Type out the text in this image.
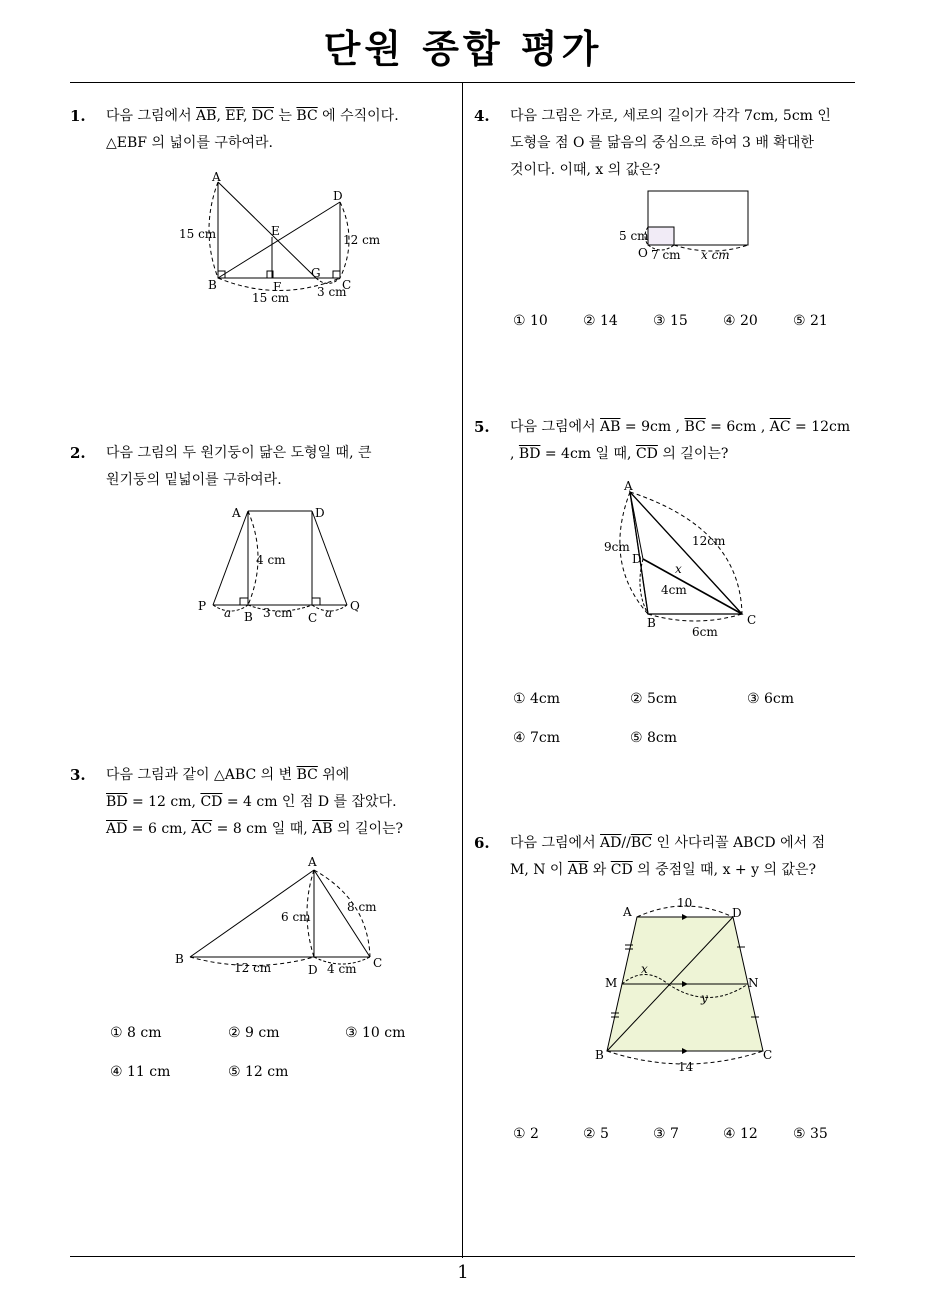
단원 종합 평가
1
1. 다음 그림에서 $\overline{AB}$, $\overline{EF}$, $\overline{DC}$ 는 $\overline{BC}$ 에 수직이다.
△EBF 의 넓이를 구하여라.
A
B	C
D
E
F
G
15 cm	12 cm
15 cm 3 cm
2. 다음 그림의 두 원기둥이 닮은 도형일 때, 큰
원기둥의 밑넓이를 구하여라.
A	D
P
B	C
Q
4 cm
3 cm
a	a
3. 다음 그림과 같이 △ABC 의 변 $\overline{BC}$ 위에
$\overline{BD} = 12$ cm, $\overline{CD} = 4$ cm 인 점 D 를 잡았다.
$\overline{AD} = 6$ cm, $\overline{AC} = 8$ cm 일 때, $\overline{AB}$ 의 길이는?
A
B	C
D
12 cm	4 cm
6 cm
8 cm
① 8 cm	② 9 cm	③ 10 cm
④ 11 cm	⑤ 12 cm
4. 다음 그림은 가로, 세로의 길이가 각각 7cm, 5cm 인
도형을 점 O 를 닮음의 중심으로 하여 3 배 확대한
것이다. 이때, x 의 값은?
5 cm
O 7 cm x cm
① 10	② 14	③ 15	④ 20	⑤ 21
5. 다음 그림에서 $\overline{AB} = 9cm$ , $\overline{BC} = 6cm$ , $\overline{AC} = 12cm$
, $\overline{BD} = 4cm$ 일 때, $\overline{CD}$ 의 길이는?
A
B	C
D
9cm	12cm
4cm
6cm
x
① 4cm	② 5cm	③ 6cm
④ 7cm	⑤ 8cm
6. 다음 그림에서 $\overline{AD}//\overline{BC}$ 인 사다리꼴 ABCD 에서 점
M, N 이 $\overline{AB}$ 와 $\overline{CD}$ 의 중점일 때, x + y 의 값은?
A	D
M	N
B	C
10
14
x
y
① 2	② 5	③ 7	④ 12	⑤ 35
